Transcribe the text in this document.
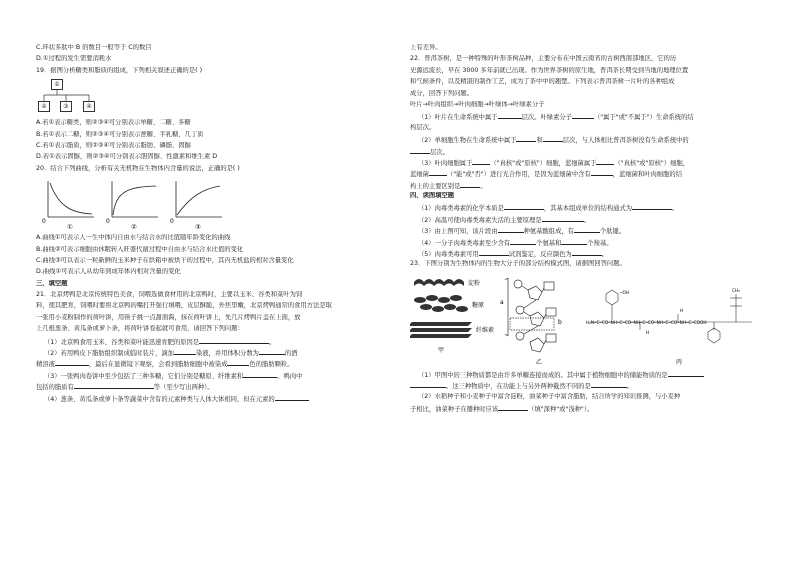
C.环状多肽中 B 的数目一般等于 C的数目
D.①过程的发生需要消耗水
19．据图分析糖类和脂质的组成，下列相关叙述正确的是( )
①
②	③	④
A.若①表示糖类，则②③④可分别表示单糖、二糖、多糖
B.若①表示二糖，则②③④可分别表示蔗糖、半乳糖、几丁质
C.若①表示脂质，则②③④可分别表示脂肪、磷脂、固醇
D.若①表示固醇，则②③④可分别表示胆固醇、性激素和维生素 D
20．结合下列曲线，分析有关无机物在生物体内含量的说法，正确的是( )
0	0	0
①	②	③
A.曲线①可表示人一生中体内自由水与结合水的比值随年龄变化的曲线
B.曲线②可表示细胞由休眠转入旺盛代谢过程中自由水与结合水比值的变化
C.曲线③可以表示一粒新鲜的玉米种子在烘箱中被烘干的过程中，其内无机盐的相对含量变化
D.曲线①可表示人从幼年到成年体内相对含量的变化
三、填空题
21．北京烤鸭是北京传统特色美食，饲喂选做食材用的北京鸭时，主要以玉米、谷类和菜叶为饲
料，使其肥育，饲喂时要将北京鸭的嘴打开强行填喂，皮层酥脆，外焦里嫩，北京烤鸭通常的食用方法是取
一张用小麦粉制作的荷叶饼，用筷子挑一点甜面酱，抹在荷叶饼上，先几片烤鸭片盖在上面，放
上几根葱条、黄瓜条或萝卜条，将荷叶饼卷起就可食用，请回答下列问题：
（1）北京鸭食用玉米、谷类和菜叶能迅速育肥的原因是	。
（2）若用鸭皮下脂肪组织制成临时装片，滴加	染液，并用体积分数为	的酒
精溶液	，最后在显微镜下观察，会看到脂肪细胞中被染成	色的脂肪颗粒。
（3）一张鸭肉卷饼中至少包括了三种多糖，它们分别是糖原、纤维素和	。鸭肉中
包括的脂质有	等（至少写出两种）。
（4）葱条、黄瓜条或萝卜条等蔬菜中含有的元素种类与人体大体相同，但在元素的
上有差异。
22．普洱茶树，是一种特殊的叶形茶树品种，主要分布在中国云南省的古树西南部地区，它的历
史源远流长，早在 3000 多年前就已出现。作为世界茶树的原生地，普洱茶长期受到当地的地理位置
和气候条件，以及精湛的制作工艺，成为了茶中中的翘楚。下列表示普洱茶树一片叶的各种组成
成分，回答下列问题。
叶片→叶肉组织→叶肉细胞→叶绿体→叶绿素分子
（1）叶片在生命系统中属于	层次。叶绿素分子	（"属于"或"不属于"）生命系统的结
构层次。
（2）单细胞生物在生命系统中属于	和	层次，与人体相比普洱茶树没有生命系统中的
层次。
（3）叶肉细胞属于	（"真核"或"原核"）细胞，蓝细菌属于	（"真核"或"原核"）细胞，
蓝细菌	（"能"或"否"）进行光合作用，是因为蓝细菌中含有	，蓝细菌和叶肉细胞的结
构上的主要区别是	。
四、读图填空题
（1）肉毒类毒素的化学本质是	，其基本组成单位的结构通式为	。
（2）高温可使肉毒类毒素失活的主要原理是	。
（3）由上图可知，该片段由	种氨基酸组成，有	个肽键。
（4）一分子肉毒类毒素至少含有	个氨基和	个羧基。
（5）肉毒类毒素可用	试剂鉴定，反应颜色为	。
23．下图分别为生物体内的生物大分子的部分结构模式图，请据图回答问题。
淀粉
糖原
纤维素
甲
a
b
乙
H₂N─C─CO─NH─C─CO─NH─C─CO─NH─C─CO─NH─C─COOH
─OH
H
H
CH₃
丙
（1）甲图中的三种物质都是由许多单糖连接而成的。其中属于植物细胞中的储能物质的是
。这三种物质中，在功能上与另外两种截然不同的是	。
（2）水稻种子和小麦种子中富含淀粉，油菜种子中富含脂肪，结合所学的知识推测，与小麦种
子相比，油菜种子在播种时应该	（填"深种"或"浅种"）。
